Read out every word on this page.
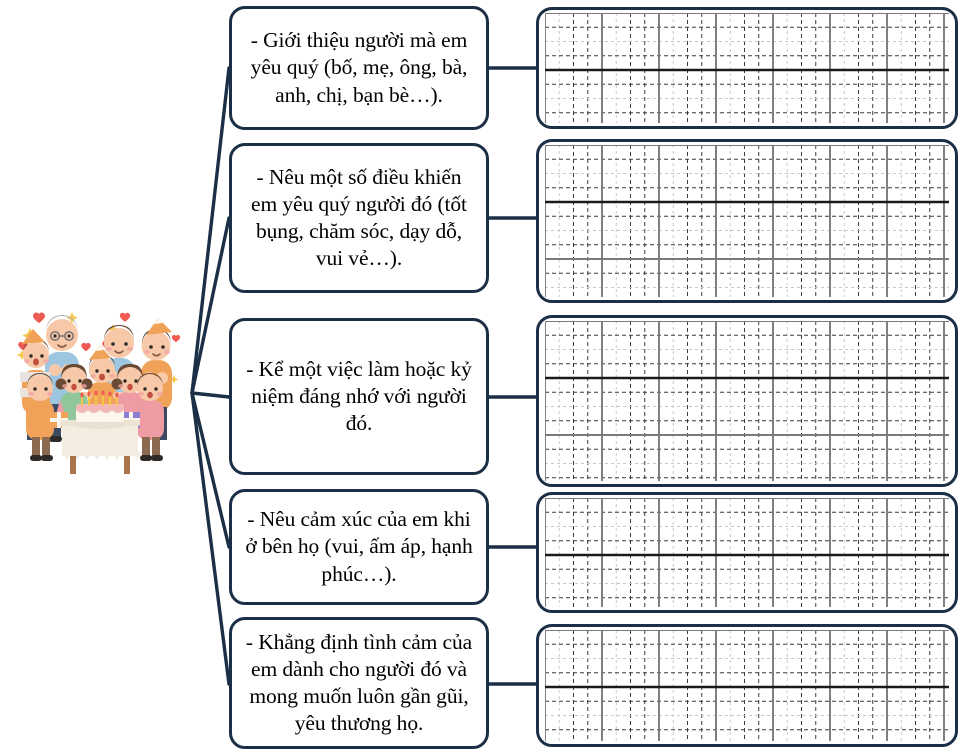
- Giới thiệu người mà em yêu quý (bố, mẹ, ông, bà, anh, chị, bạn bè…).
- Nêu một số điều khiến em yêu quý người đó (tốt bụng, chăm sóc, dạy dỗ, vui vẻ…).
- Kể một việc làm hoặc kỷ niệm đáng nhớ với người đó.
- Nêu cảm xúc của em khi ở bên họ (vui, ấm áp, hạnh phúc…).
- Khẳng định tình cảm của em dành cho người đó và mong muốn luôn gần gũi, yêu thương họ.
